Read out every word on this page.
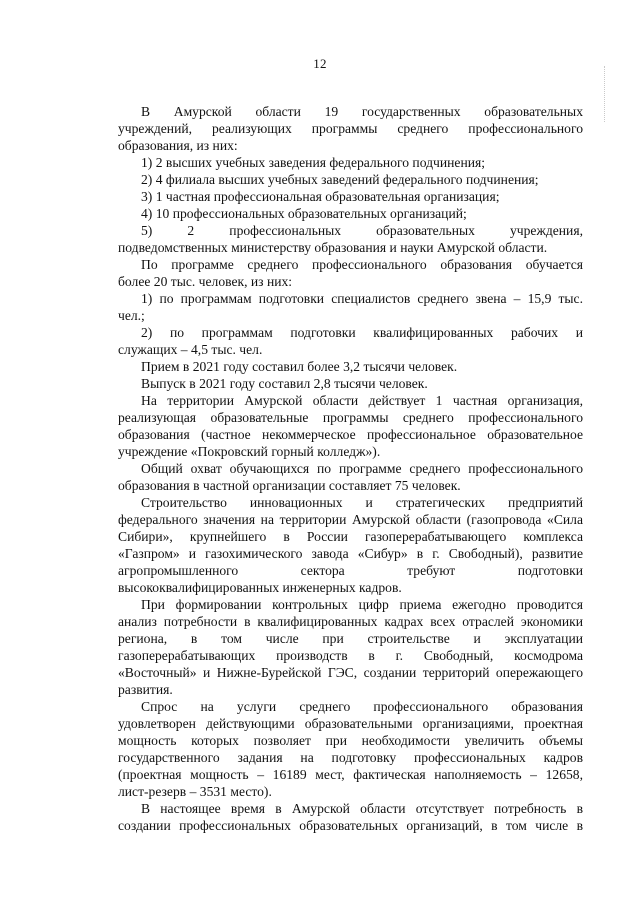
12
В Амурской области 19 государственных образовательных
учреждений, реализующих программы среднего профессионального
образования, из них:
1) 2 высших учебных заведения федерального подчинения;
2) 4 филиала высших учебных заведений федерального подчинения;
3) 1 частная профессиональная образовательная организация;
4) 10 профессиональных образовательных организаций;
5) 2 профессиональных образовательных учреждения,
подведомственных министерству образования и науки Амурской области.
По программе среднего профессионального образования обучается
более 20 тыс. человек, из них:
1) по программам подготовки специалистов среднего звена – 15,9 тыс.
чел.;
2) по программам подготовки квалифицированных рабочих и
служащих – 4,5 тыс. чел.
Прием в 2021 году составил более 3,2 тысячи человек.
Выпуск в 2021 году составил 2,8 тысячи человек.
На территории Амурской области действует 1 частная организация,
реализующая образовательные программы среднего профессионального
образования (частное некоммерческое профессиональное образовательное
учреждение «Покровский горный колледж»).
Общий охват обучающихся по программе среднего профессионального
образования в частной организации составляет 75 человек.
Строительство инновационных и стратегических предприятий
федерального значения на территории Амурской области (газопровода «Сила
Сибири», крупнейшего в России газоперерабатывающего комплекса
«Газпром» и газохимического завода «Сибур» в г. Свободный), развитие
агропромышленного сектора требуют подготовки
высококвалифицированных инженерных кадров.
При формировании контрольных цифр приема ежегодно проводится
анализ потребности в квалифицированных кадрах всех отраслей экономики
региона, в том числе при строительстве и эксплуатации
газоперерабатывающих производств в г. Свободный, космодрома
«Восточный» и Нижне-Бурейской ГЭС, создании территорий опережающего
развития.
Спрос на услуги среднего профессионального образования
удовлетворен действующими образовательными организациями, проектная
мощность которых позволяет при необходимости увеличить объемы
государственного задания на подготовку профессиональных кадров
(проектная мощность – 16189 мест, фактическая наполняемость – 12658,
лист-резерв – 3531 место).
В настоящее время в Амурской области отсутствует потребность в
создании профессиональных образовательных организаций, в том числе в
